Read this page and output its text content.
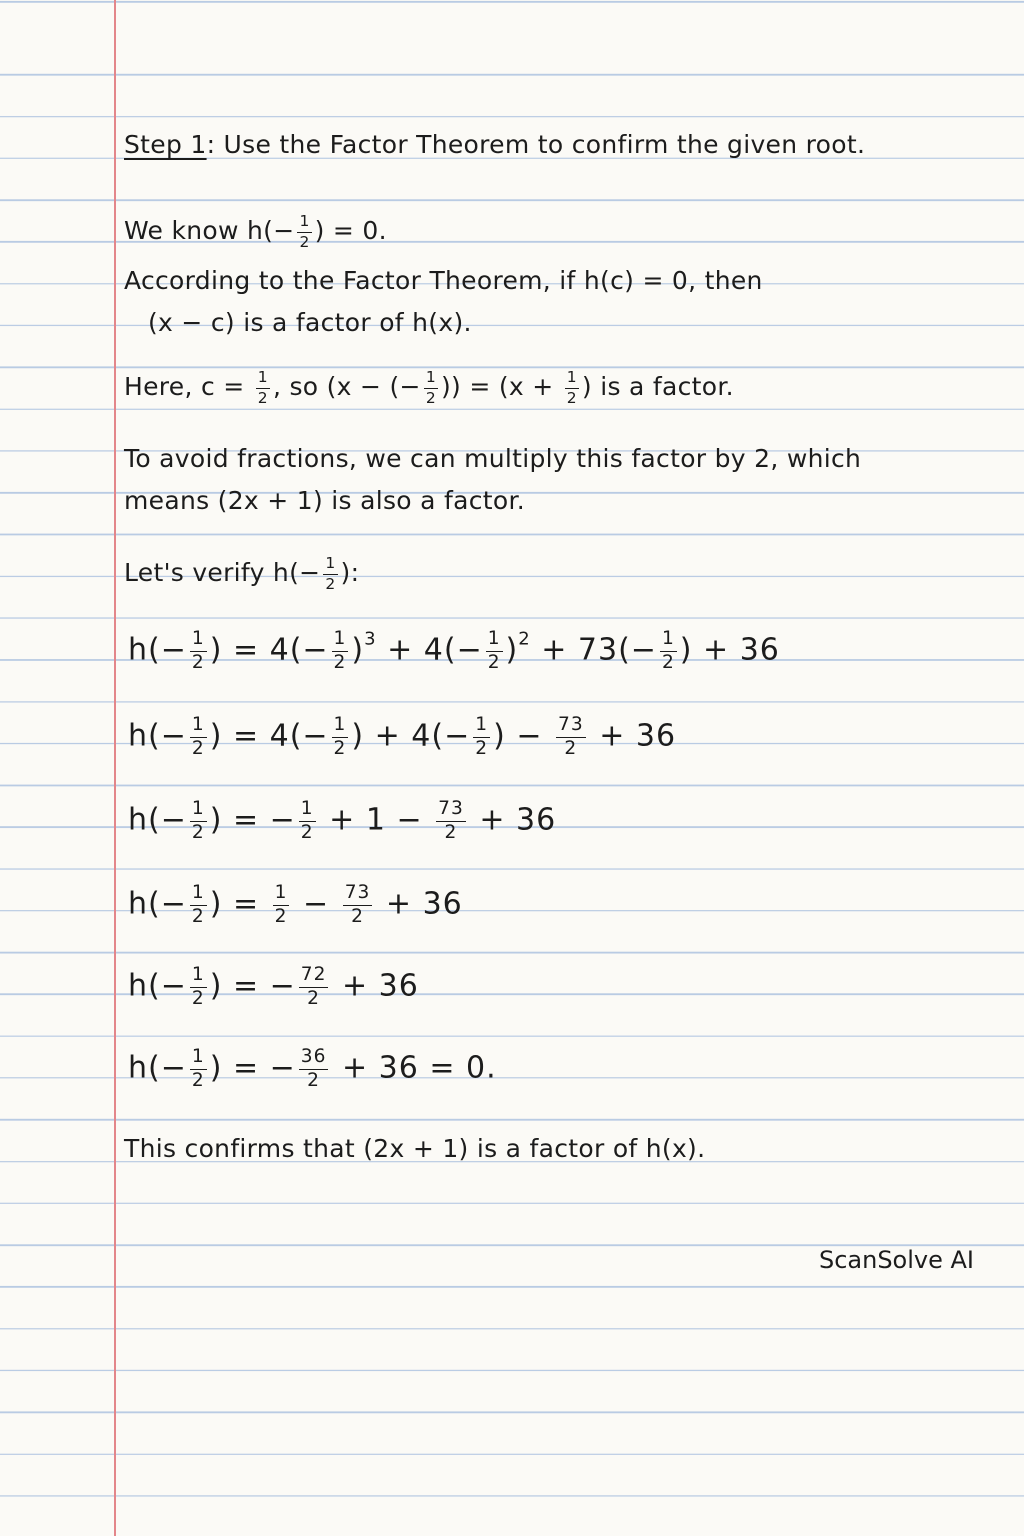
Step 1: Use the Factor Theorem to confirm the given root.
We know $h(- \frac{1}{2}$ ) = 0.
According to the Factor Theorem, if h(c) = 0, then
(x − c) is a factor of h(x).
Here, $c = \frac{1}{2}$ , so (x − (− $\frac{1}{2}$ )) = ($x + \frac{1}{2}$ ) is a factor.
To avoid fractions, we can multiply this factor by 2, which
means (2x + 1) is also a factor.
Let's verify $h(- \frac{1}{2}$ ):
$h(- \frac{1}{2}$ ) = $4(- \frac{1}{2} )^3 + 4(- \frac{1}{2} )^2 + 73(- \frac{1}{2}$ ) + 36
$h(- \frac{1}{2}$ ) = $4(- \frac{1}{2}$ ) + $4(- \frac{1}{2}$ ) − $\frac{73}{2} + 36$
$h(- \frac{1}{2}$ ) = − $\frac{1}{2} + 1 - \frac{73}{2} + 36$
$h(- \frac{1}{2}$ ) = $\frac{1}{2} - \frac{73}{2} + 36$
$h(- \frac{1}{2}$ ) = − $\frac{72}{2} + 36$
$h(- \frac{1}{2}$ ) = − $\frac{36}{2} + 36 = 0$.
This confirms that (2x + 1) is a factor of h(x).
ScanSolve AI
